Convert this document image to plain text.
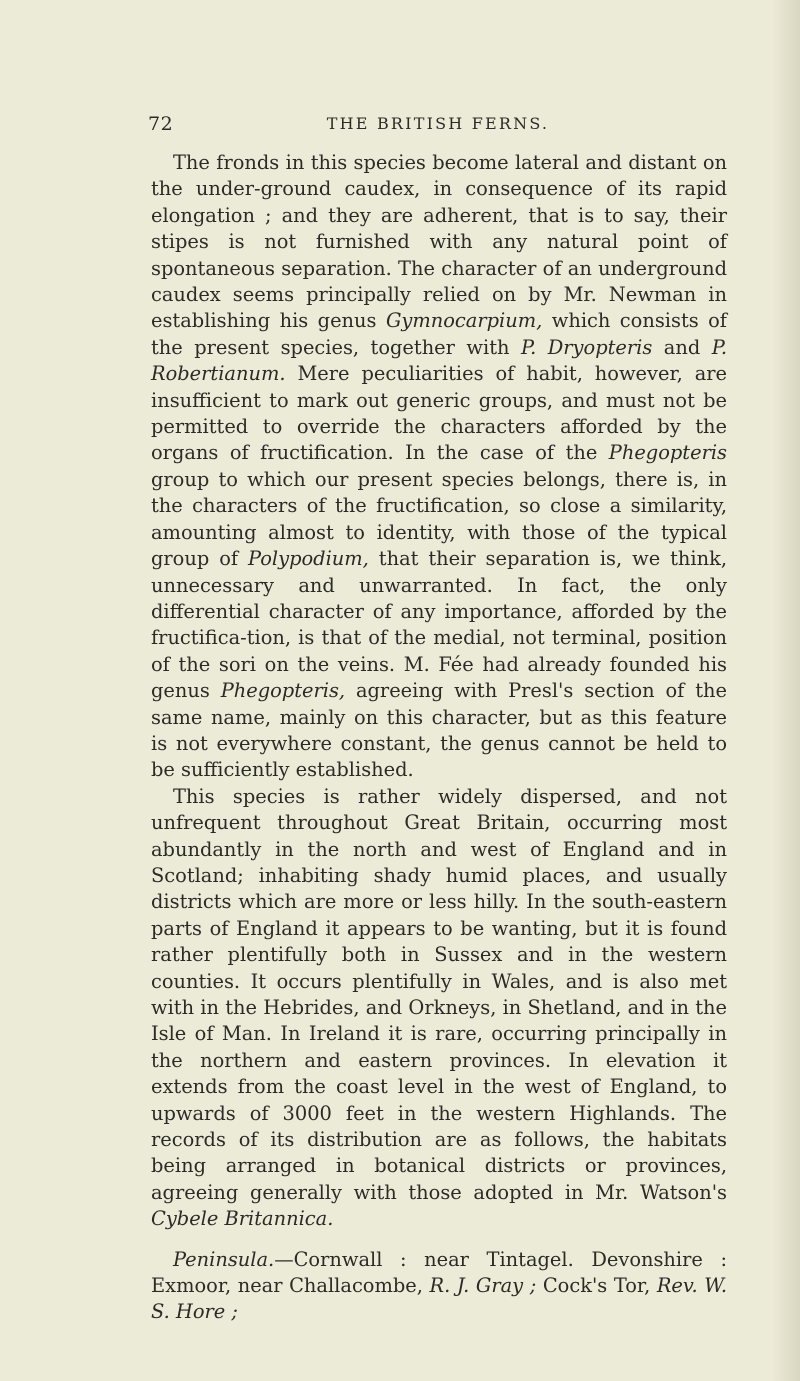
72	THE BRITISH FERNS.

The fronds in this species become lateral and distant on the under-ground caudex, in consequence of its rapid elongation ; and they are adherent, that is to say, their stipes is not furnished with any natural point of spontaneous separation. The character of an underground caudex seems principally relied on by Mr. Newman in establishing his genus Gymnocarpium, which consists of the present species, together with P. Dryopteris and P. Robertianum. Mere peculiarities of habit, however, are insufficient to mark out generic groups, and must not be permitted to override the characters afforded by the organs of fructification. In the case of the Phegopteris group to which our present species belongs, there is, in the characters of the fructification, so close a similarity, amounting almost to identity, with those of the typical group of Polypodium, that their separation is, we think, unnecessary and unwarranted. In fact, the only differential character of any importance, afforded by the fructifica-tion, is that of the medial, not terminal, position of the sori on the veins. M. Fée had already founded his genus Phegopteris, agreeing with Presl's section of the same name, mainly on this character, but as this feature is not everywhere constant, the genus cannot be held to be sufficiently established.

This species is rather widely dispersed, and not unfrequent throughout Great Britain, occurring most abundantly in the north and west of England and in Scotland; inhabiting shady humid places, and usually districts which are more or less hilly. In the south-eastern parts of England it appears to be wanting, but it is found rather plentifully both in Sussex and in the western counties. It occurs plentifully in Wales, and is also met with in the Hebrides, and Orkneys, in Shetland, and in the Isle of Man. In Ireland it is rare, occurring principally in the northern and eastern provinces. In elevation it extends from the coast level in the west of England, to upwards of 3000 feet in the western Highlands. The records of its distribution are as follows, the habitats being arranged in botanical districts or provinces, agreeing generally with those adopted in Mr. Watson's Cybele Britannica.

Peninsula.—Cornwall : near Tintagel. Devonshire : Exmoor, near Challacombe, R. J. Gray ; Cock's Tor, Rev. W. S. Hore ;
